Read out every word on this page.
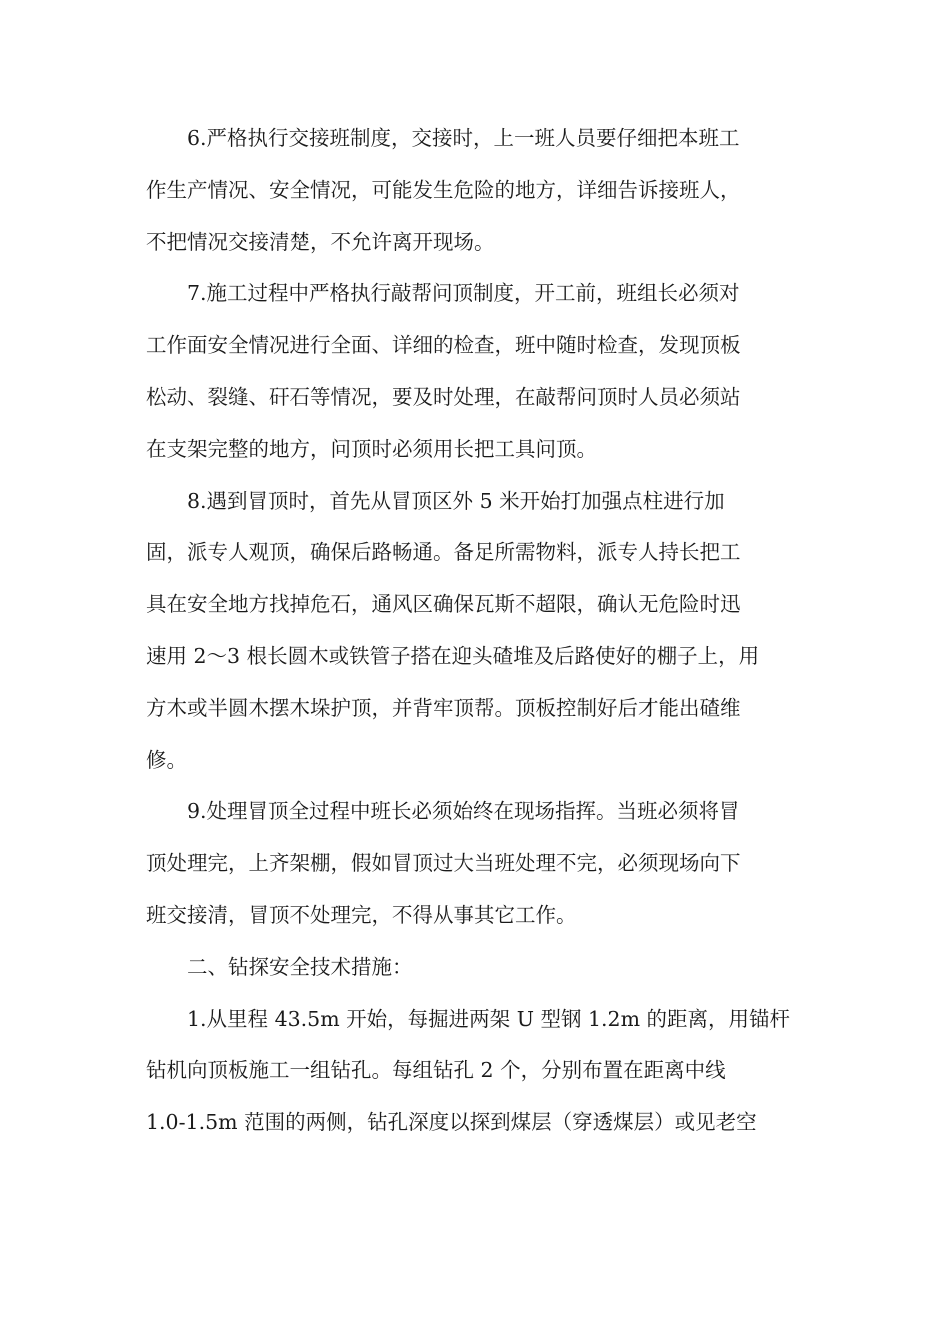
6.严格执行交接班制度，交接时，上一班人员要仔细把本班工
作生产情况、安全情况，可能发生危险的地方，详细告诉接班人，
不把情况交接清楚，不允许离开现场。

7.施工过程中严格执行敲帮问顶制度，开工前，班组长必须对
工作面安全情况进行全面、详细的检查，班中随时检查，发现顶板
松动、裂缝、矸石等情况，要及时处理，在敲帮问顶时人员必须站
在支架完整的地方，问顶时必须用长把工具问顶。

8.遇到冒顶时，首先从冒顶区外 5 米开始打加强点柱进行加
固，派专人观顶，确保后路畅通。备足所需物料，派专人持长把工
具在安全地方找掉危石，通风区确保瓦斯不超限，确认无危险时迅
速用 2～3 根长圆木或铁管子搭在迎头碴堆及后路使好的棚子上，用
方木或半圆木摆木垛护顶，并背牢顶帮。顶板控制好后才能出碴维
修。

9.处理冒顶全过程中班长必须始终在现场指挥。当班必须将冒
顶处理完，上齐架棚，假如冒顶过大当班处理不完，必须现场向下
班交接清，冒顶不处理完，不得从事其它工作。

二、钻探安全技术措施：

1.从里程 43.5m 开始，每掘进两架 U 型钢 1.2m 的距离，用锚杆
钻机向顶板施工一组钻孔。每组钻孔 2 个，分别布置在距离中线
1.0-1.5m 范围的两侧，钻孔深度以探到煤层（穿透煤层）或见老空
